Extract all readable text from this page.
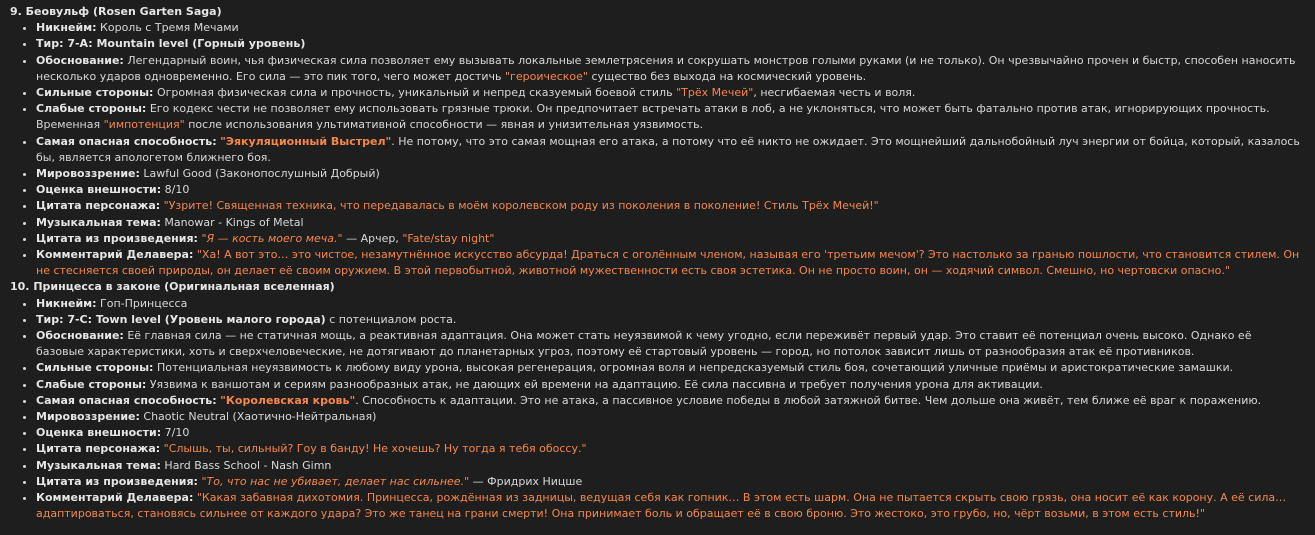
9. Беовульф (Rosen Garten Saga)
• Никнейм: Король с Тремя Мечами
• Тир: 7-A: Mountain level (Горный уровень)
• Обоснование: Легендарный воин, чья физическая сила позволяет ему вызывать локальные землетрясения и сокрушать монстров голыми руками (и не только). Он чрезвычайно прочен и быстр, способен наносить несколько ударов одновременно. Его сила — это пик того, чего может достичь "героическое" существо без выхода на космический уровень.
• Сильные стороны: Огромная физическая сила и прочность, уникальный и непред сказуемый боевой стиль "Трёх Мечей", несгибаемая честь и воля.
• Слабые стороны: Его кодекс чести не позволяет ему использовать грязные трюки. Он предпочитает встречать атаки в лоб, а не уклоняться, что может быть фатально против атак, игнорирующих прочность. Временная "импотенция" после использования ультимативной способности — явная и унизительная уязвимость.
• Самая опасная способность: "Эякуляционный Выстрел". Не потому, что это самая мощная его атака, а потому что её никто не ожидает. Это мощнейший дальнобойный луч энергии от бойца, который, казалось бы, является апологетом ближнего боя.
• Мировоззрение: Lawful Good (Законопослушный Добрый)
• Оценка внешности: 8/10
• Цитата персонажа: "Узрите! Священная техника, что передавалась в моём королевском роду из поколения в поколение! Стиль Трёх Мечей!"
• Музыкальная тема: Manowar - Kings of Metal
• Цитата из произведения: "Я — кость моего меча." — Арчер, "Fate/stay night"
• Комментарий Делавера: "Ха! А вот это… это чистое, незамутнённое искусство абсурда! Драться с оголённым членом, называя его 'третьим мечом'? Это настолько за гранью пошлости, что становится стилем. Он не стесняется своей природы, он делает её своим оружием. В этой первобытной, животной мужественности есть своя эстетика. Он не просто воин, он — ходячий символ. Смешно, но чертовски опасно."
10. Принцесса в законе (Оригинальная вселенная)
• Никнейм: Гоп-Принцесса
• Тир: 7-C: Town level (Уровень малого города) с потенциалом роста.
• Обоснование: Её главная сила — не статичная мощь, а реактивная адаптация. Она может стать неуязвимой к чему угодно, если переживёт первый удар. Это ставит её потенциал очень высоко. Однако её базовые характеристики, хоть и сверхчеловеческие, не дотягивают до планетарных угроз, поэтому её стартовый уровень — город, но потолок зависит лишь от разнообразия атак её противников.
• Сильные стороны: Потенциальная неуязвимость к любому виду урона, высокая регенерация, огромная воля и непредсказуемый стиль боя, сочетающий уличные приёмы и аристократические замашки.
• Слабые стороны: Уязвима к ваншотам и сериям разнообразных атак, не дающих ей времени на адаптацию. Её сила пассивна и требует получения урона для активации.
• Самая опасная способность: "Королевская кровь". Способность к адаптации. Это не атака, а пассивное условие победы в любой затяжной битве. Чем дольше она живёт, тем ближе её враг к поражению.
• Мировоззрение: Chaotic Neutral (Хаотично-Нейтральная)
• Оценка внешности: 7/10
• Цитата персонажа: "Слышь, ты, сильный? Гоу в банду! Не хочешь? Ну тогда я тебя обоссу."
• Музыкальная тема: Hard Bass School - Nash Gimn
• Цитата из произведения: "То, что нас не убивает, делает нас сильнее." — Фридрих Ницше
• Комментарий Делавера: "Какая забавная дихотомия. Принцесса, рождённая из задницы, ведущая себя как гопник… В этом есть шарм. Она не пытается скрыть свою грязь, она носит её как корону. А её сила… адаптироваться, становясь сильнее от каждого удара? Это же танец на грани смерти! Она принимает боль и обращает её в свою броню. Это жестоко, это грубо, но, чёрт возьми, в этом есть стиль!"
